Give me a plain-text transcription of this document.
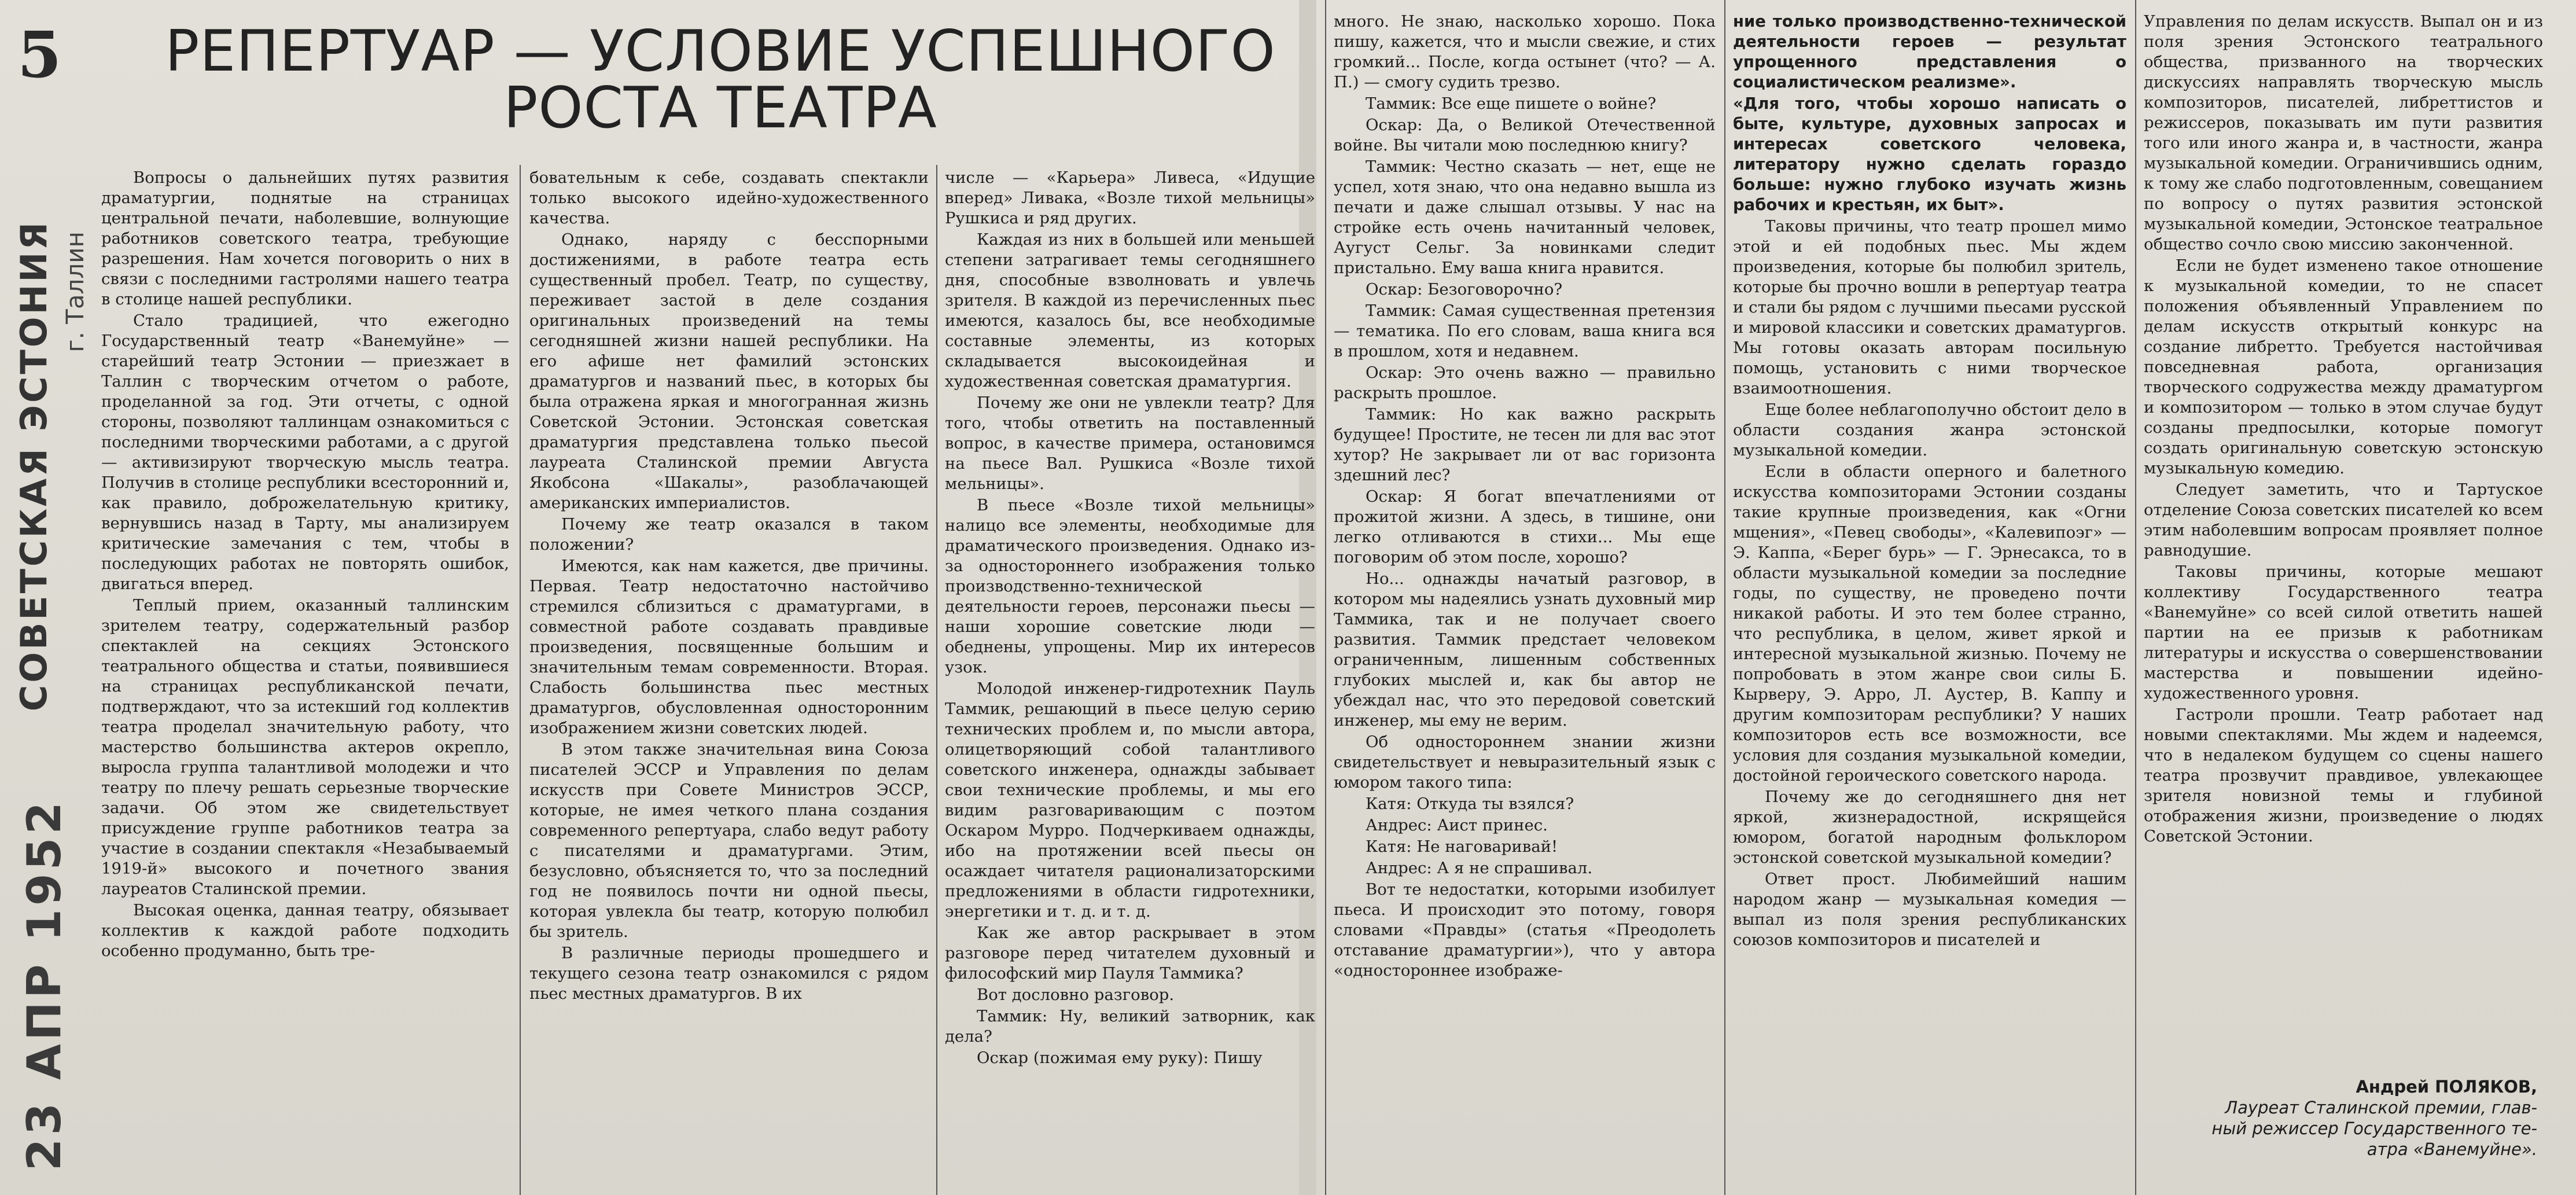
5
СОВЕТСКАЯ ЭСТОНИЯ г. Таллин
23 АПР 1952
РЕПЕРТУАР — УСЛОВИЕ УСПЕШНОГО
РОСТА ТЕАТРА

Вопросы о дальнейших путях развития драматургии, поднятые на страницах центральной печати, наболевшие, волнующие работников советского театра, требующие разрешения. Нам хочется поговорить о них в связи с последними гастролями нашего театра в столице нашей республики.

Стало традицией, что ежегодно Государственный театр «Ванемуйне» — старейший театр Эстонии — приезжает в Таллин с творческим отчетом о работе, проделанной за год. Эти отчеты, с одной стороны, позволяют таллинцам ознакомиться с последними творческими работами, а с другой — активизируют творческую мысль театра. Получив в столице республики всесторонний и, как правило, доброжелательную критику, вернувшись назад в Тарту, мы анализируем критические замечания с тем, чтобы в последующих работах не повторять ошибок, двигаться вперед.

Теплый прием, оказанный таллинским зрителем театру, содержательный разбор спектаклей на секциях Эстонского театрального общества и статьи, появившиеся на страницах республиканской печати, подтверждают, что за истекший год коллектив театра проделал значительную работу, что мастерство большинства актеров окрепло, выросла группа талантливой молодежи и что театру по плечу решать серьезные творческие задачи. Об этом же свидетельствует присуждение группе работников театра за участие в создании спектакля «Незабываемый 1919-й» высокого и почетного звания лауреатов Сталинской премии.

Высокая оценка, данная театру, обязывает коллектив к каждой работе подходить особенно продуманно, быть тре-

бовательным к себе, создавать спектакли только высокого идейно-художественного качества.

Однако, наряду с бесспорными достижениями, в работе театра есть существенный пробел. Театр, по существу, переживает застой в деле создания оригинальных произведений на темы сегодняшней жизни нашей республики. На его афише нет фамилий эстонских драматургов и названий пьес, в которых бы была отражена яркая и многогранная жизнь Советской Эстонии. Эстонская советская драматургия представлена только пьесой лауреата Сталинской премии Августа Якобсона «Шакалы», разоблачающей американских империалистов.

Почему же театр оказался в таком положении?

Имеются, как нам кажется, две причины. Первая. Театр недостаточно настойчиво стремился сблизиться с драматургами, в совместной работе создавать правдивые произведения, посвященные большим и значительным темам современности. Вторая. Слабость большинства пьес местных драматургов, обусловленная односторонним изображением жизни советских людей.

В этом также значительная вина Союза писателей ЭССР и Управления по делам искусств при Совете Министров ЭССР, которые, не имея четкого плана создания современного репертуара, слабо ведут работу с писателями и драматургами. Этим, безусловно, объясняется то, что за последний год не появилось почти ни одной пьесы, которая увлекла бы театр, которую полюбил бы зритель.

В различные периоды прошедшего и текущего сезона театр ознакомился с рядом пьес местных драматургов. В их

числе — «Карьера» Ливеса, «Идущие вперед» Ливака, «Возле тихой мельницы» Рушкиса и ряд других.

Каждая из них в большей или меньшей степени затрагивает темы сегодняшнего дня, способные взволновать и увлечь зрителя. В каждой из перечисленных пьес имеются, казалось бы, все необходимые составные элементы, из которых складывается высокоидейная и художественная советская драматургия.

Почему же они не увлекли театр? Для того, чтобы ответить на поставленный вопрос, в качестве примера, остановимся на пьесе Вал. Рушкиса «Возле тихой мельницы».

В пьесе «Возле тихой мельницы» налицо все элементы, необходимые для драматического произведения. Однако из-за одностороннего изображения только производственно-технической деятельности героев, персонажи пьесы — наши хорошие советские люди — обеднены, упрощены. Мир их интересов узок.

Молодой инженер-гидротехник Пауль Таммик, решающий в пьесе целую серию технических проблем и, по мысли автора, олицетворяющий собой талантливого советского инженера, однажды забывает свои технические проблемы, и мы его видим разговаривающим с поэтом Оскаром Мурро. Подчеркиваем однажды, ибо на протяжении всей пьесы он осаждает читателя рационализаторскими предложениями в области гидротехники, энергетики и т. д. и т. д.

Как же автор раскрывает в этом разговоре перед читателем духовный и философский мир Пауля Таммика?

Вот дословно разговор.

Таммик: Ну, великий затворник, как дела?

Оскар (пожимая ему руку): Пишу

много. Не знаю, насколько хорошо. Пока пишу, кажется, что и мысли свежие, и стих громкий... После, когда остынет (что? — А. П.) — смогу судить трезво.

Таммик: Все еще пишете о войне?

Оскар: Да, о Великой Отечественной войне. Вы читали мою последнюю книгу?

Таммик: Честно сказать — нет, еще не успел, хотя знаю, что она недавно вышла из печати и даже слышал отзывы. У нас на стройке есть очень начитанный человек, Аугуст Сельг. За новинками следит пристально. Ему ваша книга нравится.

Оскар: Безоговорочно?

Таммик: Самая существенная претензия — тематика. По его словам, ваша книга вся в прошлом, хотя и недавнем.

Оскар: Это очень важно — правильно раскрыть прошлое.

Таммик: Но как важно раскрыть будущее! Простите, не тесен ли для вас этот хутор? Не закрывает ли от вас горизонта здешний лес?

Оскар: Я богат впечатлениями от прожитой жизни. А здесь, в тишине, они легко отливаются в стихи... Мы еще поговорим об этом после, хорошо?

Но... однажды начатый разговор, в котором мы надеялись узнать духовный мир Таммика, так и не получает своего развития. Таммик предстает человеком ограниченным, лишенным собственных глубоких мыслей и, как бы автор не убеждал нас, что это передовой советский инженер, мы ему не верим.

Об одностороннем знании жизни свидетельствует и невыразительный язык с юмором такого типа:

Катя: Откуда ты взялся?

Андрес: Аист принес.

Катя: Не наговаривай!

Андрес: А я не спрашивал.

Вот те недостатки, которыми изобилует пьеса. И происходит это потому, говоря словами «Правды» (статья «Преодолеть отставание драматургии»), что у автора «одностороннее изображе-

ние только производственно-технической деятельности героев — результат упрощенного представления о социалистическом реализме».

«Для того, чтобы хорошо написать о быте, культуре, духовных запросах и интересах советского человека, литератору нужно сделать гораздо больше: нужно глубоко изучать жизнь рабочих и крестьян, их быт».

Таковы причины, что театр прошел мимо этой и ей подобных пьес. Мы ждем произведения, которые бы полюбил зритель, которые бы прочно вошли в репертуар театра и стали бы рядом с лучшими пьесами русской и мировой классики и советских драматургов. Мы готовы оказать авторам посильную помощь, установить с ними творческое взаимоотношения.

Еще более неблагополучно обстоит дело в области создания жанра эстонской музыкальной комедии.

Если в области оперного и балетного искусства композиторами Эстонии созданы такие крупные произведения, как «Огни мщения», «Певец свободы», «Калевипоэг» — Э. Каппа, «Берег бурь» — Г. Эрнесакса, то в области музыкальной комедии за последние годы, по существу, не проведено почти никакой работы. И это тем более странно, что республика, в целом, живет яркой и интересной музыкальной жизнью. Почему не попробовать в этом жанре свои силы Б. Кырверу, Э. Арро, Л. Аустер, В. Каппу и другим композиторам республики? У наших композиторов есть все возможности, все условия для создания музыкальной комедии, достойной героического советского народа.

Почему же до сегодняшнего дня нет яркой, жизнерадостной, искрящейся юмором, богатой народным фольклором эстонской советской музыкальной комедии?

Ответ прост. Любимейший нашим народом жанр — музыкальная комедия — выпал из поля зрения республиканских союзов композиторов и писателей и

Управления по делам искусств. Выпал он и из поля зрения Эстонского театрального общества, призванного на творческих дискуссиях направлять творческую мысль композиторов, писателей, либреттистов и режиссеров, показывать им пути развития того или иного жанра и, в частности, жанра музыкальной комедии. Ограничившись одним, к тому же слабо подготовленным, совещанием по вопросу о путях развития эстонской музыкальной комедии, Эстонское театральное общество сочло свою миссию законченной.

Если не будет изменено такое отношение к музыкальной комедии, то не спасет положения объявленный Управлением по делам искусств открытый конкурс на создание либретто. Требуется настойчивая повседневная работа, организация творческого содружества между драматургом и композитором — только в этом случае будут созданы предпосылки, которые помогут создать оригинальную советскую эстонскую музыкальную комедию.

Следует заметить, что и Тартуское отделение Союза советских писателей ко всем этим наболевшим вопросам проявляет полное равнодушие.

Таковы причины, которые мешают коллективу Государственного театра «Ванемуйне» со всей силой ответить нашей партии на ее призыв к работникам литературы и искусства о совершенствовании мастерства и повышении идейно-художественного уровня.

Гастроли прошли. Театр работает над новыми спектаклями. Мы ждем и надеемся, что в недалеком будущем со сцены нашего театра прозвучит правдивое, увлекающее зрителя новизной темы и глубиной отображения жизни, произведение о людях Советской Эстонии.

Андрей ПОЛЯКОВ,
Лауреат Сталинской премии, глав-
ный режиссер Государственного те-
атра «Ванемуйне».
